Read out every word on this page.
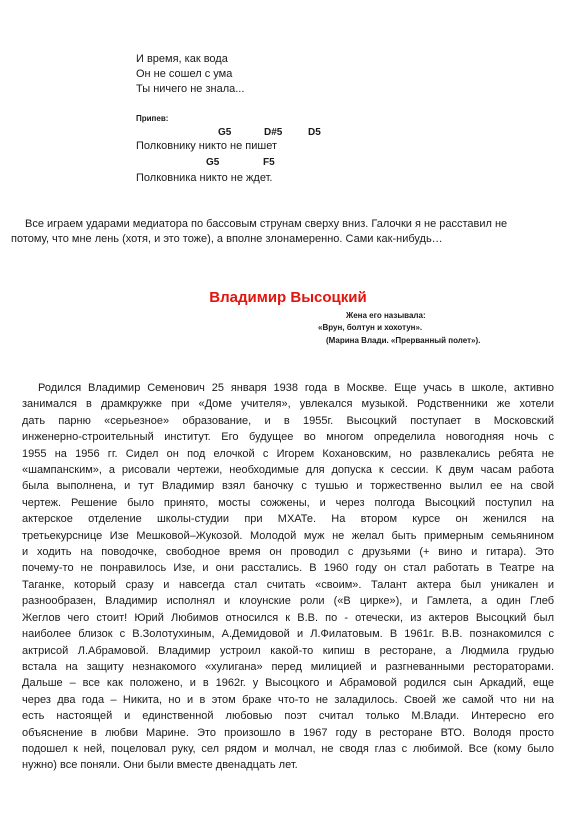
И время, как вода
Он не сошел с ума
Ты ничего не знала...
Припев:
G5	D#5	D5
Полковнику никто не пишет
G5	F5
Полковника никто не ждет.
Все играем ударами медиатора по бассовым струнам сверху вниз. Галочки я не расставил не потому, что мне лень (хотя, и это тоже), а вполне злонамеренно. Сами как-нибудь…
Владимир Высоцкий
Жена его называла:
«Врун, болтун и хохотун».
(Марина Влади. «Прерванный полет»).
Родился Владимир Семенович 25 января 1938 года в Москве. Еще учась в школе, активно
занимался в драмкружке при «Доме учителя», увлекался музыкой. Родственники же хотели
дать парню «серьезное» образование, и в 1955г. Высоцкий поступает в Московский
инженерно-строительный институт. Его будущее во многом определила новогодняя ночь с
1955 на 1956 гг. Сидел он под елочкой с Игорем Кохановским, но развлекались ребята не
«шампанским», а рисовали чертежи, необходимые для допуска к сессии. К двум часам работа
была выполнена, и тут Владимир взял баночку с тушью и торжественно вылил ее на свой
чертеж. Решение было принято, мосты сожжены, и через полгода Высоцкий поступил на
актерское отделение школы-студии при МХАТе. На втором курсе он женился на
третьекурснице Изе Мешковой–Жукозой. Молодой муж не желал быть примерным семьянином
и ходить на поводочке, свободное время он проводил с друзьями (+ вино и гитара). Это
почему-то не понравилось Изе, и они расстались. В 1960 году он стал работать в Театре на
Таганке, который сразу и навсегда стал считать «своим». Талант актера был уникален и
разнообразен, Владимир исполнял и клоунские роли («В цирке»), и Гамлета, а один Глеб
Жеглов чего стоит! Юрий Любимов относился к В.В. по - отечески, из актеров Высоцкий был
наиболее близок с В.Золотухиным, А.Демидовой и Л.Филатовым. В 1961г. В.В. познакомился с
актрисой Л.Абрамовой. Владимир устроил какой-то кипиш в ресторане, а Людмила грудью
встала на защиту незнакомого «хулигана» перед милицией и разгневанными рестораторами.
Дальше – все как положено, и в 1962г. у Высоцкого и Абрамовой родился сын Аркадий, еще
через два года – Никита, но и в этом браке что-то не заладилось. Своей же самой что ни на
есть настоящей и единственной любовью поэт считал только М.Влади. Интересно его
объяснение в любви Марине. Это произошло в 1967 году в ресторане ВТО. Володя просто
подошел к ней, поцеловал руку, сел рядом и молчал, не сводя глаз с любимой. Все (кому было
нужно) все поняли. Они были вместе двенадцать лет.
